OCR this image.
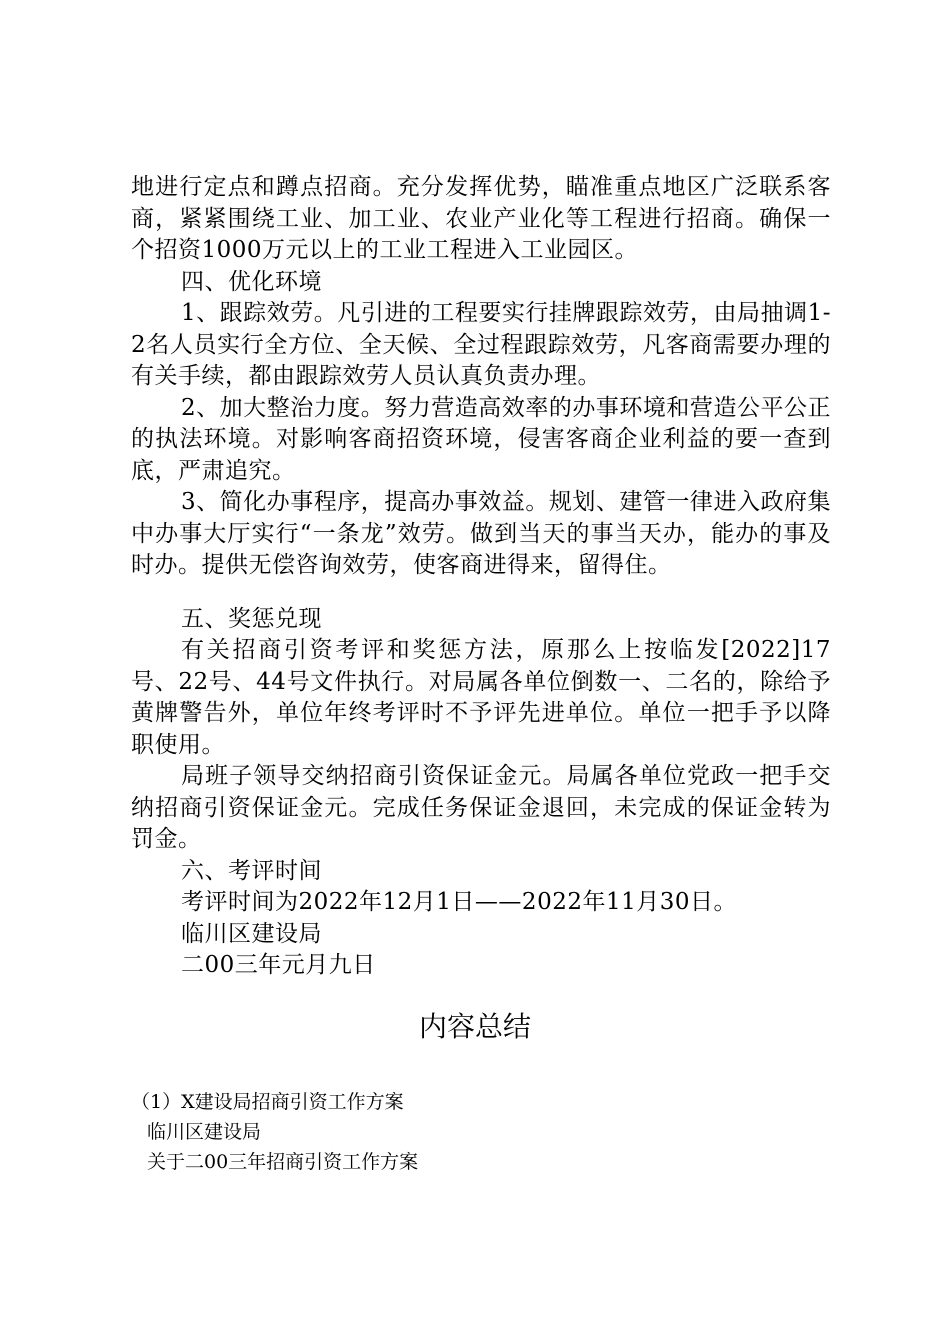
地进行定点和蹲点招商。充分发挥优势，瞄准重点地区广泛联系客商，紧紧围绕工业、加工业、农业产业化等工程进行招商。确保一个招资1000万元以上的工业工程进入工业园区。

四、优化环境

1、跟踪效劳。凡引进的工程要实行挂牌跟踪效劳，由局抽调1-2名人员实行全方位、全天候、全过程跟踪效劳，凡客商需要办理的有关手续，都由跟踪效劳人员认真负责办理。

2、加大整治力度。努力营造高效率的办事环境和营造公平公正的执法环境。对影响客商招资环境，侵害客商企业利益的要一查到底，严肃追究。

3、简化办事程序，提高办事效益。规划、建管一律进入政府集中办事大厅实行“一条龙”效劳。做到当天的事当天办，能办的事及时办。提供无偿咨询效劳，使客商进得来，留得住。

五、奖惩兑现

有关招商引资考评和奖惩方法，原那么上按临发[2022]17号、22号、44号文件执行。对局属各单位倒数一、二名的，除给予黄牌警告外，单位年终考评时不予评先进单位。单位一把手予以降职使用。

局班子领导交纳招商引资保证金元。局属各单位党政一把手交纳招商引资保证金元。完成任务保证金退回，未完成的保证金转为罚金。

六、考评时间

考评时间为2022年12月1日——2022年11月30日。

临川区建设局

二00三年元月九日

内容总结

（1）X建设局招商引资工作方案

临川区建设局

关于二00三年招商引资工作方案
